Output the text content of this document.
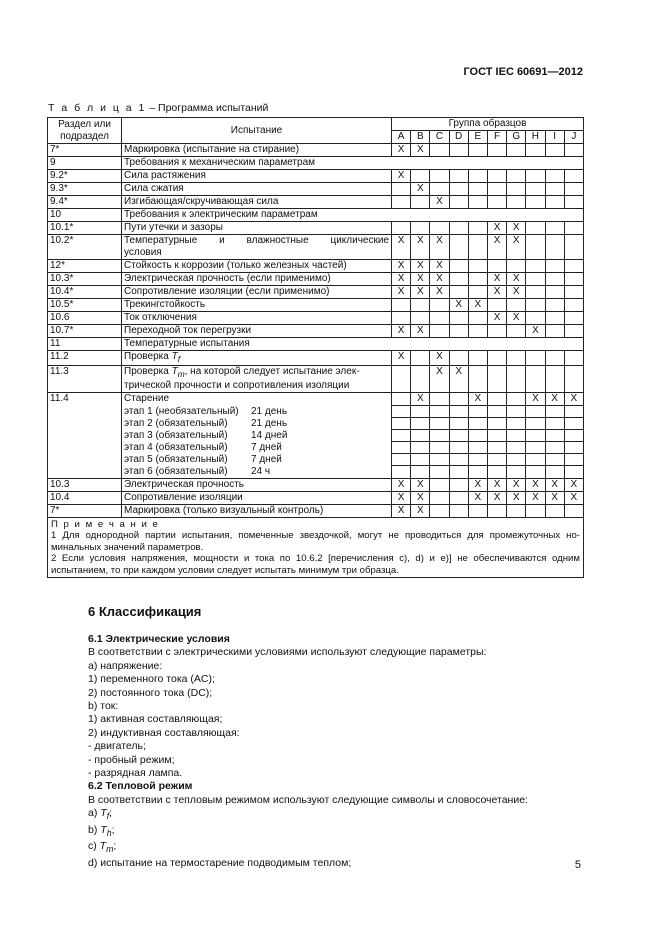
ГОСТ IEC 60691—2012
Т а б л и ц а 1 – Программа испытаний
Раздел или подраздел	Испытание	Группа образцов									
		A	B	C	D	E	F	G	H	I	J
7*	Маркировка (испытание на стирание)	X	X								
9	Требования к механическим параметрам										
9.2*	Сила растяжения	X									
9.3*	Сила сжатия		X								
9.4*	Изгибающая/скручивающая сила			X							
10	Требования к электрическим параметрам										
10.1*	Пути утечки и зазоры						X	X			
10.2*	Температурные и влажностные циклические
условия	X	X	X			X	X			
12*	Стойкость к коррозии (только железных частей)	X	X	X							
10.3*	Электрическая прочность (если применимо)	X	X	X			X	X			
10.4*	Сопротивление изоляции (если применимо)	X	X	X			X	X			
10.5*	Трекингстойкость				X	X					
10.6	Ток отключения						X	X			
10.7*	Переходной ток перегрузки	X	X						X		
11	Температурные испытания										
11.2	Проверка $T_f$	X		X							
11.3	Проверка $T_m$, на которой следует испытание элек-
трической прочности и сопротивления изоляции			X	X						
11.4	Старение		X			X			X	X	X
	этап 1 (необязательный) 21 день										
	этап 2 (обязательный) 21 день										
	этап 3 (обязательный) 14 дней										
	этап 4 (обязательный) 7 дней										
	этап 5 (обязательный) 7 дней										
	этап 6 (обязательный) 24 ч										
10.3	Электрическая прочность	X	X			X	X	X	X	X	X
10.4	Сопротивление изоляции	X	X			X	X	X	X	X	X
7*	Маркировка (только визуальный контроль)	X	X								

П р и м е ч а н и е
1 Для однородной партии испытания, помеченные звездочкой, могут не проводиться для промежуточных но-
минальных значений параметров.
2 Если условия напряжения, мощности и тока по 10.6.2 [перечисления c), d) и e)] не обеспечиваются одним
испытанием, то при каждом условии следует испытать минимум три образца.											
6 Классификация
6.1 Электрические условия
В соответствии с электрическими условиями используют следующие параметры:
a) напряжение:
1) переменного тока (AC);
2) постоянного тока (DC);
b) ток:
1) активная составляющая;
2) индуктивная составляющая:
- двигатель;
- пробный режим;
- разрядная лампа.
6.2 Тепловой режим
В соответствии с тепловым режимом используют следующие символы и словосочетание:
a) $T_f$;
b) $T_h$;
c) $T_m$;
d) испытание на термостарение подводимым теплом;	5
